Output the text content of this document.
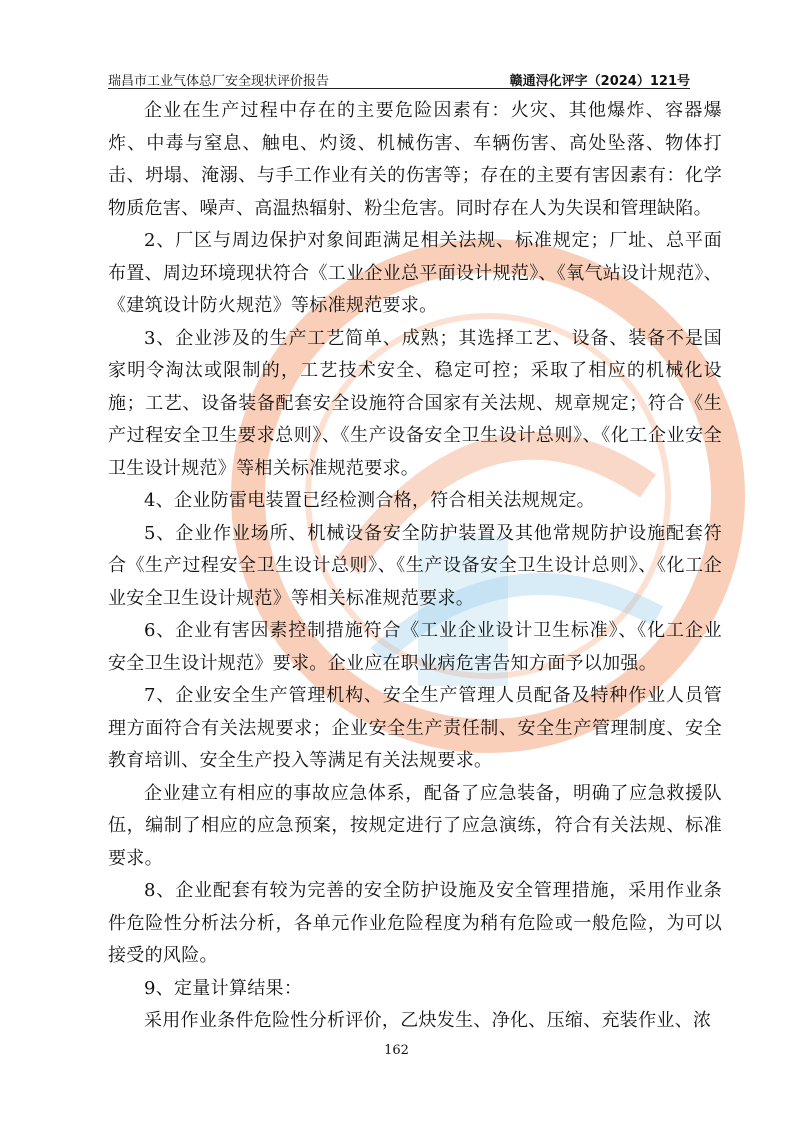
瑞昌市工业气体总厂安全现状评价报告	赣通浔化评字（2024）121号

企业在生产过程中存在的主要危险因素有：火灾、其他爆炸、容器爆炸、中毒与窒息、触电、灼烫、机械伤害、车辆伤害、高处坠落、物体打击、坍塌、淹溺、与手工作业有关的伤害等；存在的主要有害因素有：化学物质危害、噪声、高温热辐射、粉尘危害。同时存在人为失误和管理缺陷。

2、厂区与周边保护对象间距满足相关法规、标准规定；厂址、总平面布置、周边环境现状符合《工业企业总平面设计规范》、《氧气站设计规范》、《建筑设计防火规范》等标准规范要求。

3、企业涉及的生产工艺简单、成熟；其选择工艺、设备、装备不是国家明令淘汰或限制的，工艺技术安全、稳定可控；采取了相应的机械化设施；工艺、设备装备配套安全设施符合国家有关法规、规章规定；符合《生产过程安全卫生要求总则》、《生产设备安全卫生设计总则》、《化工企业安全卫生设计规范》等相关标准规范要求。

4、企业防雷电装置已经检测合格，符合相关法规规定。

5、企业作业场所、机械设备安全防护装置及其他常规防护设施配套符合《生产过程安全卫生设计总则》、《生产设备安全卫生设计总则》、《化工企业安全卫生设计规范》等相关标准规范要求。

6、企业有害因素控制措施符合《工业企业设计卫生标准》、《化工企业安全卫生设计规范》要求。企业应在职业病危害告知方面予以加强。

7、企业安全生产管理机构、安全生产管理人员配备及特种作业人员管理方面符合有关法规要求；企业安全生产责任制、安全生产管理制度、安全教育培训、安全生产投入等满足有关法规要求。

企业建立有相应的事故应急体系，配备了应急装备，明确了应急救援队伍，编制了相应的应急预案，按规定进行了应急演练，符合有关法规、标准要求。

8、企业配套有较为完善的安全防护设施及安全管理措施，采用作业条件危险性分析法分析，各单元作业危险程度为稍有危险或一般危险，为可以接受的风险。

9、定量计算结果：

采用作业条件危险性分析评价，乙炔发生、净化、压缩、充装作业、浓

162
